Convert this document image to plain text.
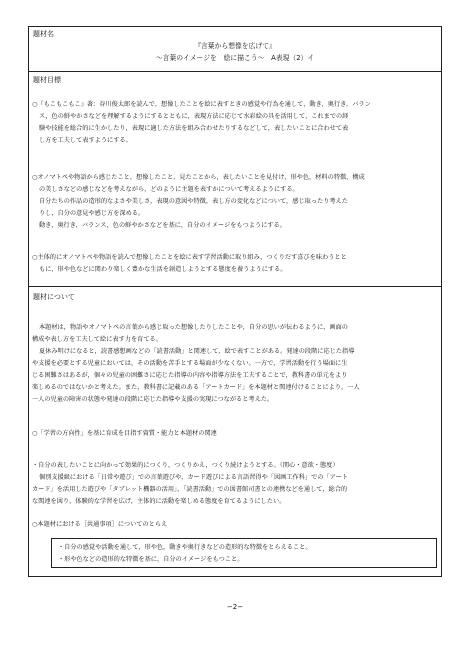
題材名
『言葉から想像を広げて』
～言葉のイメージを　絵に描こう～　A表現（2）イ
題材目標
○『もこもこもこ』著：谷川俊太郎を読んで，想像したことを絵に表すときの感覚や行為を通して，動き，奥行き，バラン
ス，色の鮮やかさなどを理解するようにするとともに，表現方法に応じて水彩絵の具を活用して，これまでの経
験や技能を総合的に生かしたり，表現に適した方法を組み合わせたりするなどして，表したいことに合わせて表
し方を工夫して表すようにする。
○オノマトペや物語から感じたこと，想像したこと，見たことから，表したいことを見付け，形や色，材料の特徴，構成
の美しさなどの感じなどを考えながら，どのように主題を表すかについて考えるようにする。
自分たちの作品の造形的なよさや美しさ，表現の意図や特徴，表し方の変化などについて，感じ取ったり考えた
りし，自分の意見や感じ方を深める。
動き，奥行き，バランス，色の鮮やかさなどを基に，自分のイメージをもつようにする。
○主体的にオノマトペや物語を読んで想像したことを絵に表す学習活動に取り組み，つくりだす喜びを味わうとと
もに，形や色などに関わり楽しく豊かな生活を創造しようとする態度を養うようにする。
題材について
本題材は，物語やオノマトペの言葉から感じ取った想像したりしたことや，自分の思いが伝わるように，画面の
構成や表し方を工夫して絵に表す力を育てる。
夏休み明けになると，読書感想画などの「読書活動」と関連して，絵で表すことがある。発達の段階に応じた指導
や支援を必要とする児童においては，その活動を苦手とする場面が少なくない。一方で，学習活動を行う場面に生
じる困難さはあるが，個々の児童の困難さに応じた指導の内容や指導方法を工夫することで，教科書の単元をより
楽しめるのではないかと考えた。また，教科書に記載のある「アートカード」を本題材と関連付けることにより，一人
一人の児童の障害の状態や発達の段階に応じた指導や支援の実現につながると考えた。
○「学習の方向性」を基に育成を目指す資質・能力と本題材の関連
・自分の表したいことに向かって効果的につくり，つくりかえ，つくり続けようとする。（関心・意欲・態度）
個別支援級における「日常や遊び」での言葉遊びや，カード遊びによる言語習得や「図画工作科」での「アート
カード」を活用した遊びや「タブレット機器の活用」，「読書活動」での図書館司書との連携などを通して，総合的
な関連を図り，体験的な学習を広げ，主体的に活動を楽しめる態度を育てるようにしたい。
○本題材における［共通事項］についてのとらえ
・自分の感覚や活動を通して，形や色，動きや奥行きなどの造形的な特徴をとらえること。
・形や色などの造形的な特徴を基に，自分のイメージをもつこと。
−2−
